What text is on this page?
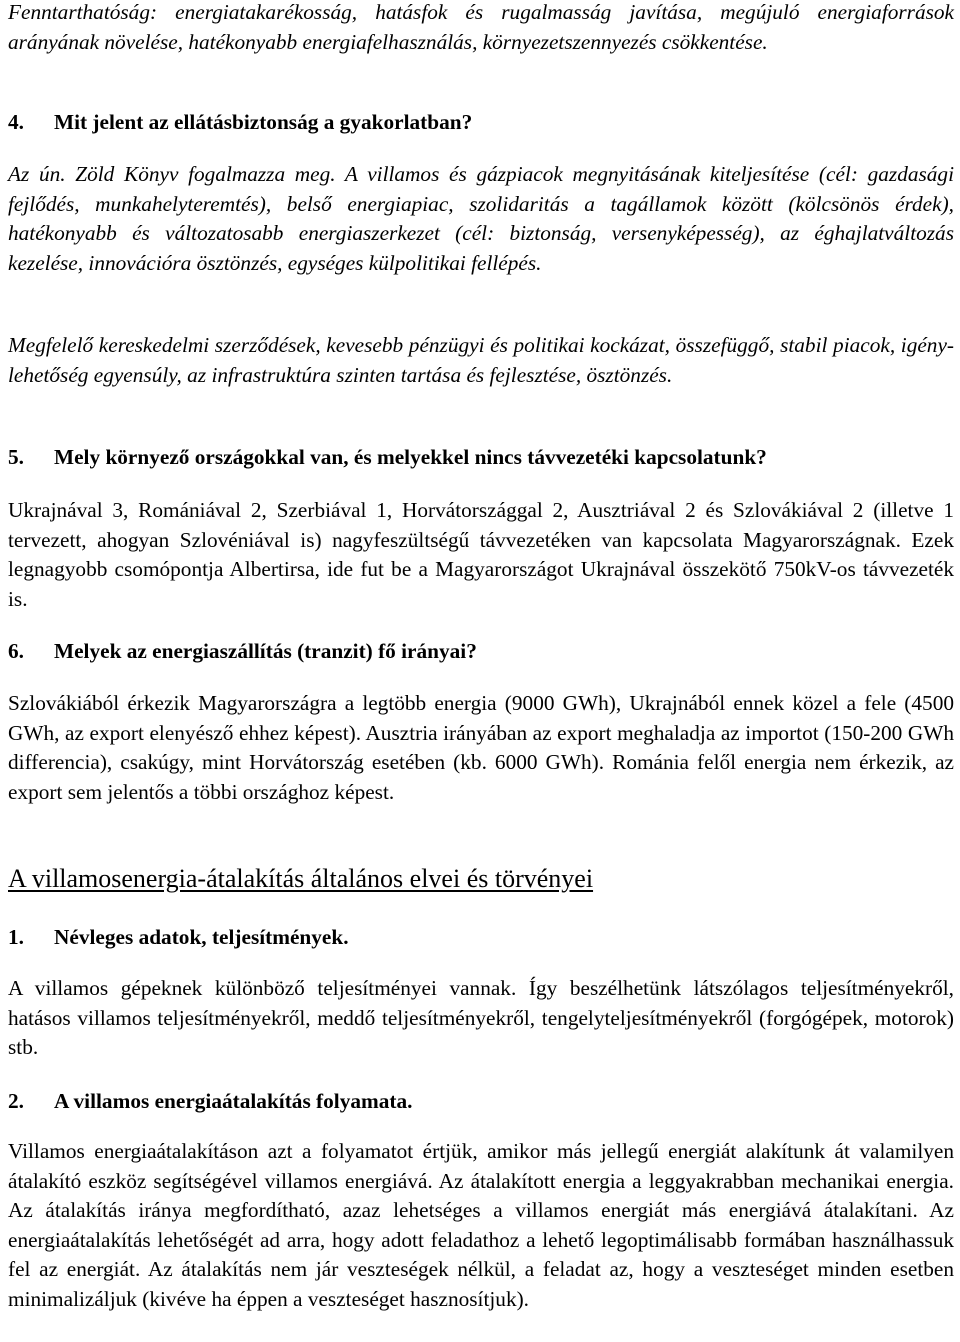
Fenntarthatóság: energiatakarékosság, hatásfok és rugalmasság javítása, megújuló energiaforrások arányának növelése, hatékonyabb energiafelhasználás, környezetszennyezés csökkentése.

4. Mit jelent az ellátásbiztonság a gyakorlatban?

Az ún. Zöld Könyv fogalmazza meg. A villamos és gázpiacok megnyitásának kiteljesítése (cél: gazdasági fejlődés, munkahelyteremtés), belső energiapiac, szolidaritás a tagállamok között (kölcsönös érdek), hatékonyabb és változatosabb energiaszerkezet (cél: biztonság, versenyképesség), az éghajlatváltozás kezelése, innovációra ösztönzés, egységes külpolitikai fellépés.

Megfelelő kereskedelmi szerződések, kevesebb pénzügyi és politikai kockázat, összefüggő, stabil piacok, igény-lehetőség egyensúly, az infrastruktúra szinten tartása és fejlesztése, ösztönzés.

5. Mely környező országokkal van, és melyekkel nincs távvezetéki kapcsolatunk?

Ukrajnával 3, Romániával 2, Szerbiával 1, Horvátországgal 2, Ausztriával 2 és Szlovákiával 2 (illetve 1 tervezett, ahogyan Szlovéniával is) nagyfeszültségű távvezetéken van kapcsolata Magyarországnak. Ezek legnagyobb csomópontja Albertirsa, ide fut be a Magyarországot Ukrajnával összekötő 750kV-os távvezeték is.

6. Melyek az energiaszállítás (tranzit) fő irányai?

Szlovákiából érkezik Magyarországra a legtöbb energia (9000 GWh), Ukrajnából ennek közel a fele (4500 GWh, az export elenyésző ehhez képest). Ausztria irányában az export meghaladja az importot (150-200 GWh differencia), csakúgy, mint Horvátország esetében (kb. 6000 GWh). Románia felől energia nem érkezik, az export sem jelentős a többi országhoz képest.

A villamosenergia-átalakítás általános elvei és törvényei
1. Névleges adatok, teljesítmények.

A villamos gépeknek különböző teljesítményei vannak. Így beszélhetünk látszólagos teljesítményekről, hatásos villamos teljesítményekről, meddő teljesítményekről, tengelyteljesítményekről (forgógépek, motorok) stb.

2. A villamos energiaátalakítás folyamata.

Villamos energiaátalakításon azt a folyamatot értjük, amikor más jellegű energiát alakítunk át valamilyen átalakító eszköz segítségével villamos energiává. Az átalakított energia a leggyakrabban mechanikai energia. Az átalakítás iránya megfordítható, azaz lehetséges a villamos energiát más energiává átalakítani. Az energiaátalakítás lehetőségét ad arra, hogy adott feladathoz a lehető legoptimálisabb formában használhassuk fel az energiát. Az átalakítás nem jár veszteségek nélkül, a feladat az, hogy a veszteséget minden esetben minimalizáljuk (kivéve ha éppen a veszteséget hasznosítjuk).
